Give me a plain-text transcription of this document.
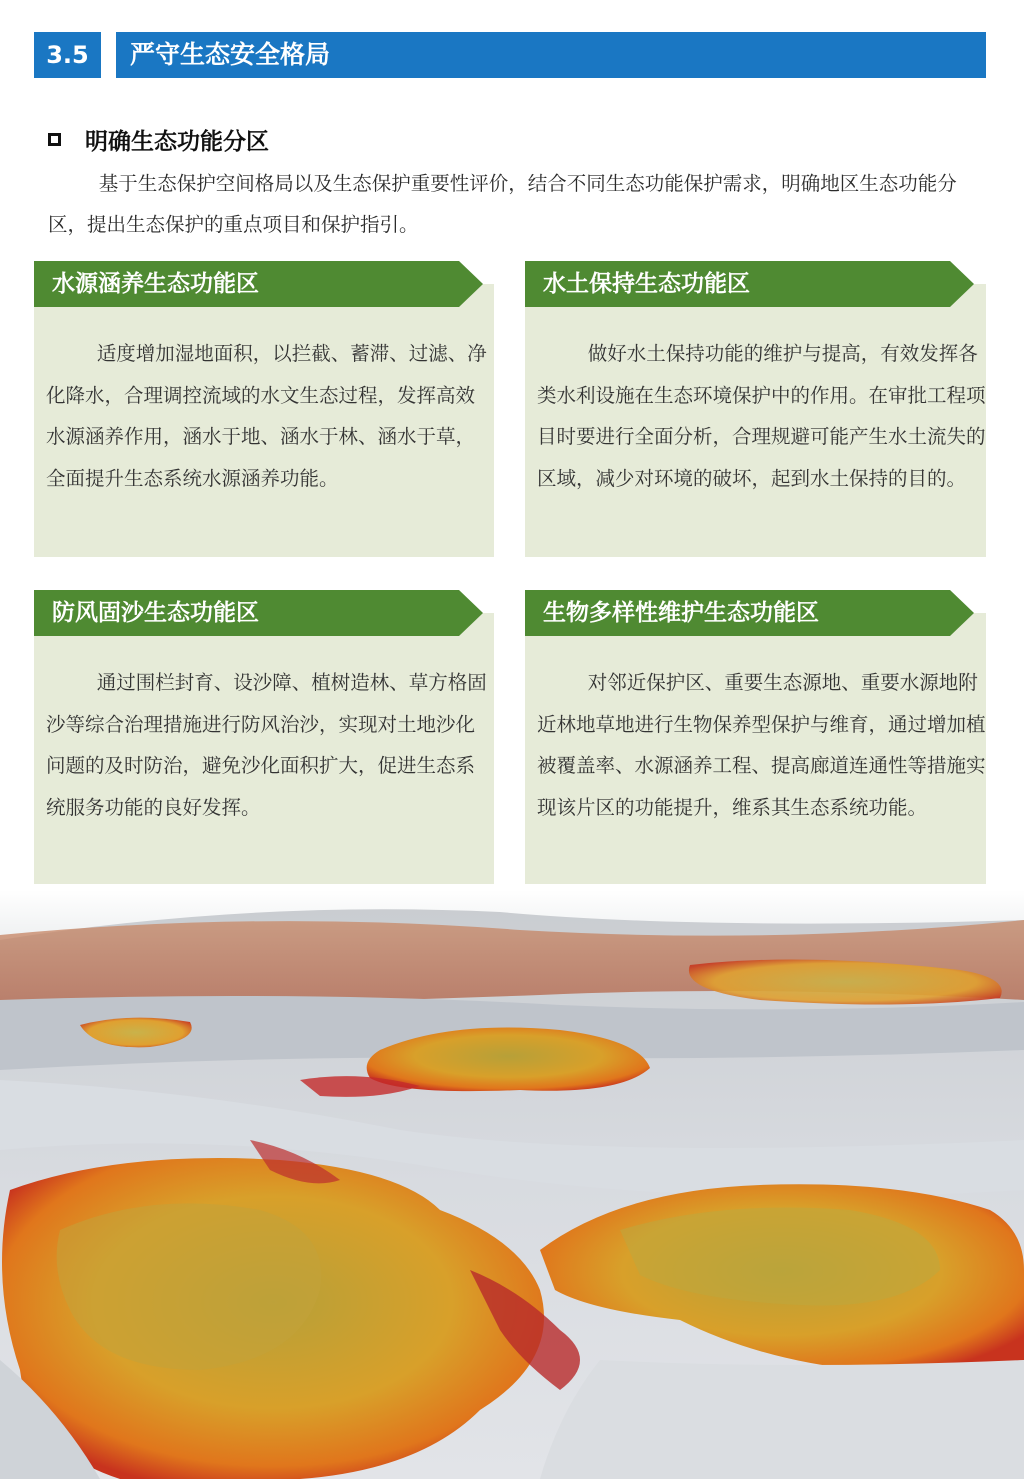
3.5	严守生态安全格局
明确生态功能分区

基于生态保护空间格局以及生态保护重要性评价，结合不同生态功能保护需求，明确地区生态功能分区，提出生态保护的重点项目和保护指引。

水源涵养生态功能区

适度增加湿地面积，以拦截、蓄滞、过滤、净化降水，合理调控流域的水文生态过程，发挥高效水源涵养作用，涵水于地、涵水于林、涵水于草，全面提升生态系统水源涵养功能。

水土保持生态功能区

做好水土保持功能的维护与提高，有效发挥各类水利设施在生态环境保护中的作用。在审批工程项目时要进行全面分析，合理规避可能产生水土流失的区域，减少对环境的破坏，起到水土保持的目的。

防风固沙生态功能区

通过围栏封育、设沙障、植树造林、草方格固沙等综合治理措施进行防风治沙，实现对土地沙化问题的及时防治，避免沙化面积扩大，促进生态系统服务功能的良好发挥。

生物多样性维护生态功能区

对邻近保护区、重要生态源地、重要水源地附近林地草地进行生物保养型保护与维育，通过增加植被覆盖率、水源涵养工程、提高廊道连通性等措施实现该片区的功能提升，维系其生态系统功能。
